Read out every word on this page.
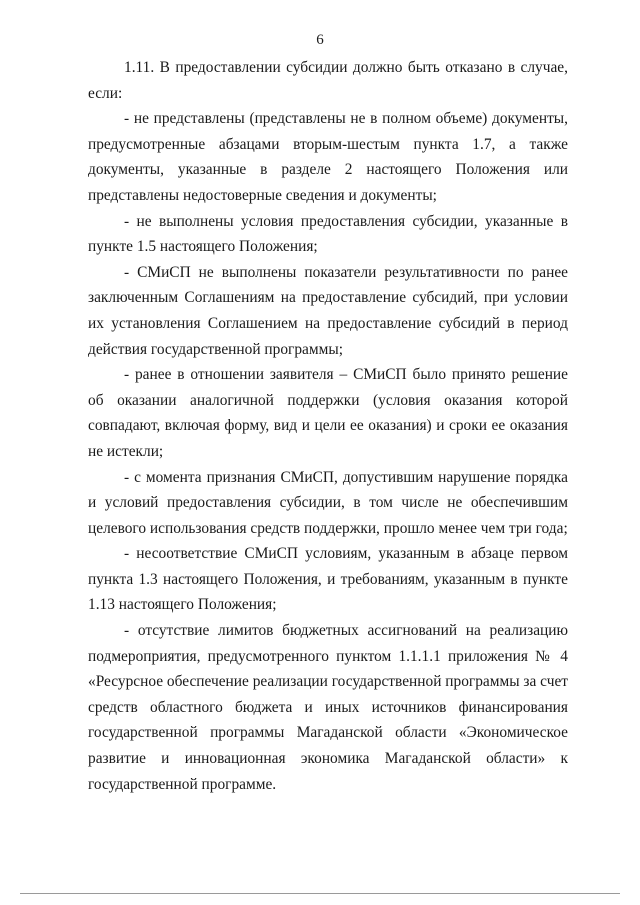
6

1.11. В предоставлении субсидии должно быть отказано в случае, если:

- не представлены (представлены не в полном объеме) документы, предусмотренные абзацами вторым-шестым пункта 1.7, а также документы, указанные в разделе 2 настоящего Положения или представлены недостоверные сведения и документы;

- не выполнены условия предоставления субсидии, указанные в пункте 1.5 настоящего Положения;

- СМиСП не выполнены показатели результативности по ранее заключенным Соглашениям на предоставление субсидий, при условии их установления Соглашением на предоставление субсидий в период действия государственной программы;

- ранее в отношении заявителя – СМиСП было принято решение об оказании аналогичной поддержки (условия оказания которой совпадают, включая форму, вид и цели ее оказания) и сроки ее оказания не истекли;

- с момента признания СМиСП, допустившим нарушение порядка и условий предоставления субсидии, в том числе не обеспечившим целевого использования средств поддержки, прошло менее чем три года;

- несоответствие СМиСП условиям, указанным в абзаце первом пункта 1.3 настоящего Положения, и требованиям, указанным в пункте 1.13 настоящего Положения;

- отсутствие лимитов бюджетных ассигнований на реализацию подмероприятия, предусмотренного пунктом 1.1.1.1 приложения № 4 «Ресурсное обеспечение реализации государственной программы за счет средств областного бюджета и иных источников финансирования государственной программы Магаданской области «Экономическое развитие и инновационная экономика Магаданской области» к государственной программе.
